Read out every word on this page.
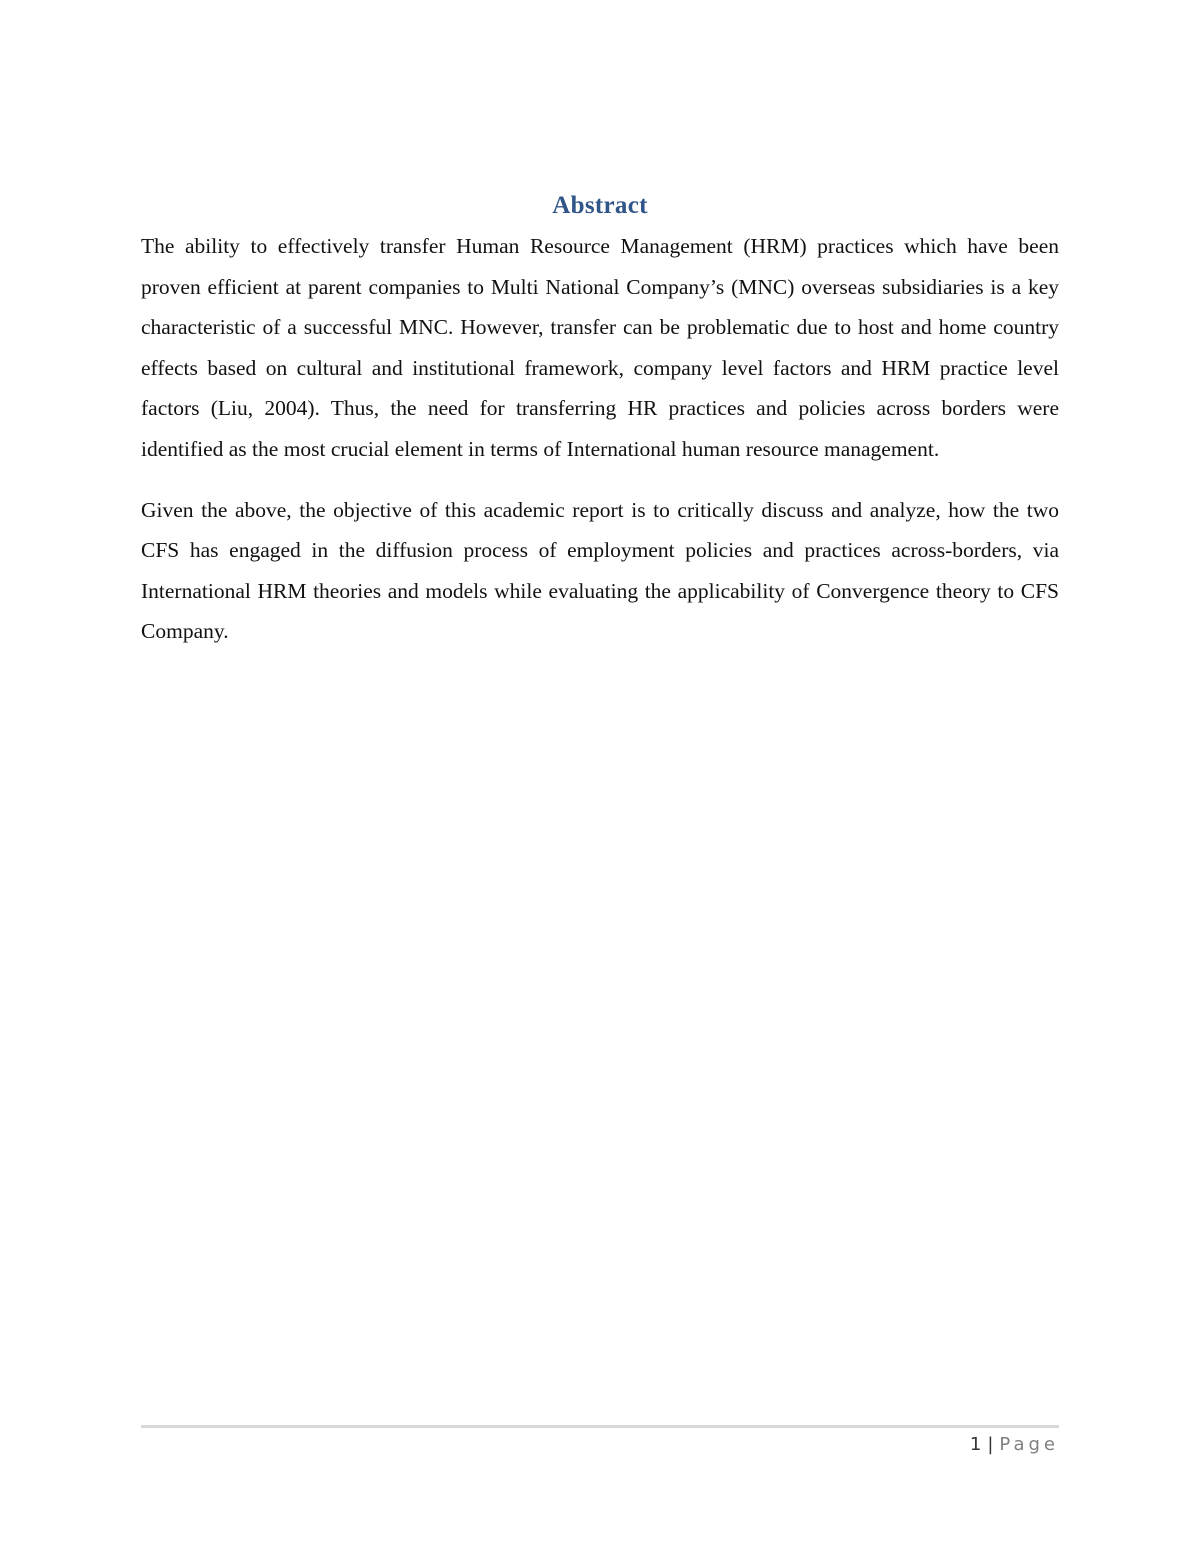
Abstract

The ability to effectively transfer Human Resource Management (HRM) practices which have been proven efficient at parent companies to Multi National Company’s (MNC) overseas subsidiaries is a key characteristic of a successful MNC. However, transfer can be problematic due to host and home country effects based on cultural and institutional framework, company level factors and HRM practice level factors (Liu, 2004). Thus, the need for transferring HR practices and policies across borders were identified as the most crucial element in terms of International human resource management.

Given the above, the objective of this academic report is to critically discuss and analyze, how the two CFS has engaged in the diffusion process of employment policies and practices across-borders, via International HRM theories and models while evaluating the applicability of Convergence theory to CFS Company.

1 | Page
